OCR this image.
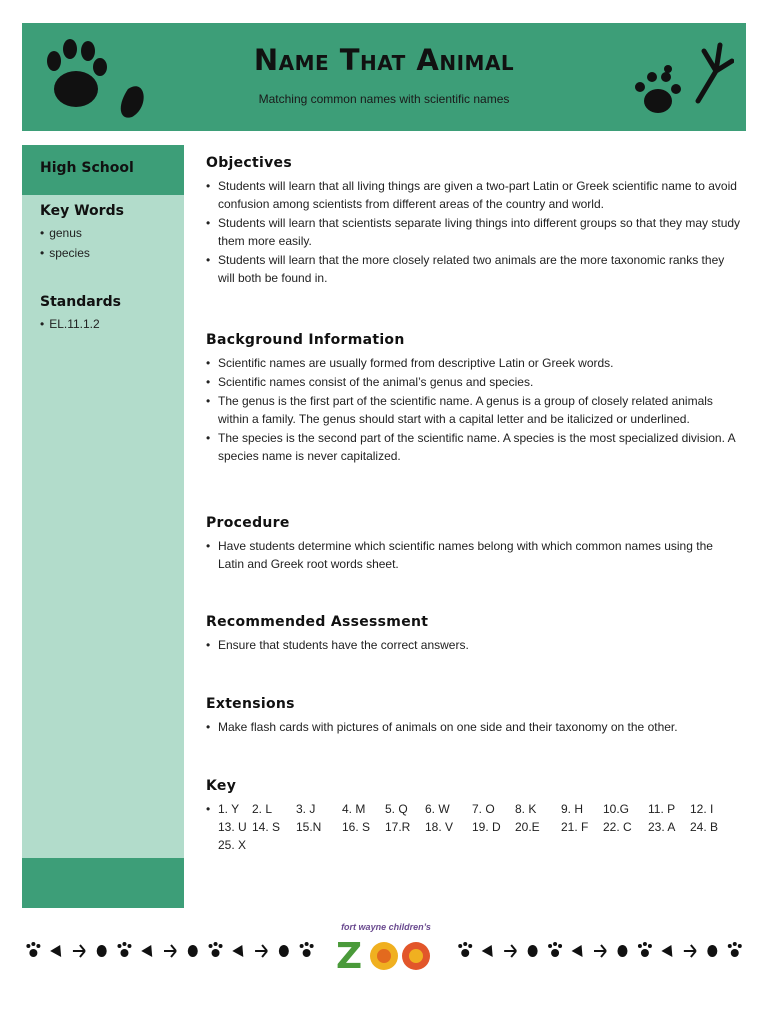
Name That Animal
Matching common names with scientific names
High School
Key Words
• genus
• species
Standards
• EL.11.1.2
Objectives
• Students will learn that all living things are given a two-part Latin or Greek scientific name to avoid confusion among scientists from different areas of the country and world.
• Students will learn that scientists separate living things into different groups so that they may study them more easily.
• Students will learn that the more closely related two animals are the more taxonomic ranks they will both be found in.
Background Information
• Scientific names are usually formed from descriptive Latin or Greek words.
• Scientific names consist of the animal’s genus and species.
• The genus is the first part of the scientific name. A genus is a group of closely related animals within a family. The genus should start with a capital letter and be italicized or underlined.
• The species is the second part of the scientific name. A species is the most specialized division. A species name is never capitalized.
Procedure
• Have students determine which scientific names belong with which common names using the Latin and Greek root words sheet.
Recommended Assessment
• Ensure that students have the correct answers.
Extensions
• Make flash cards with pictures of animals on one side and their taxonomy on the other.
Key
• 1. Y	2. L	3. J	4. M	5. Q	6. W	7. O	8. K	9. H	10.G	11. P	12. I
13. U 14. S	15.N	16. S	17.R	18. V	19. D	20.E	21. F	22. C	23. A	24. B
25. X
fort wayne children’s
Z
